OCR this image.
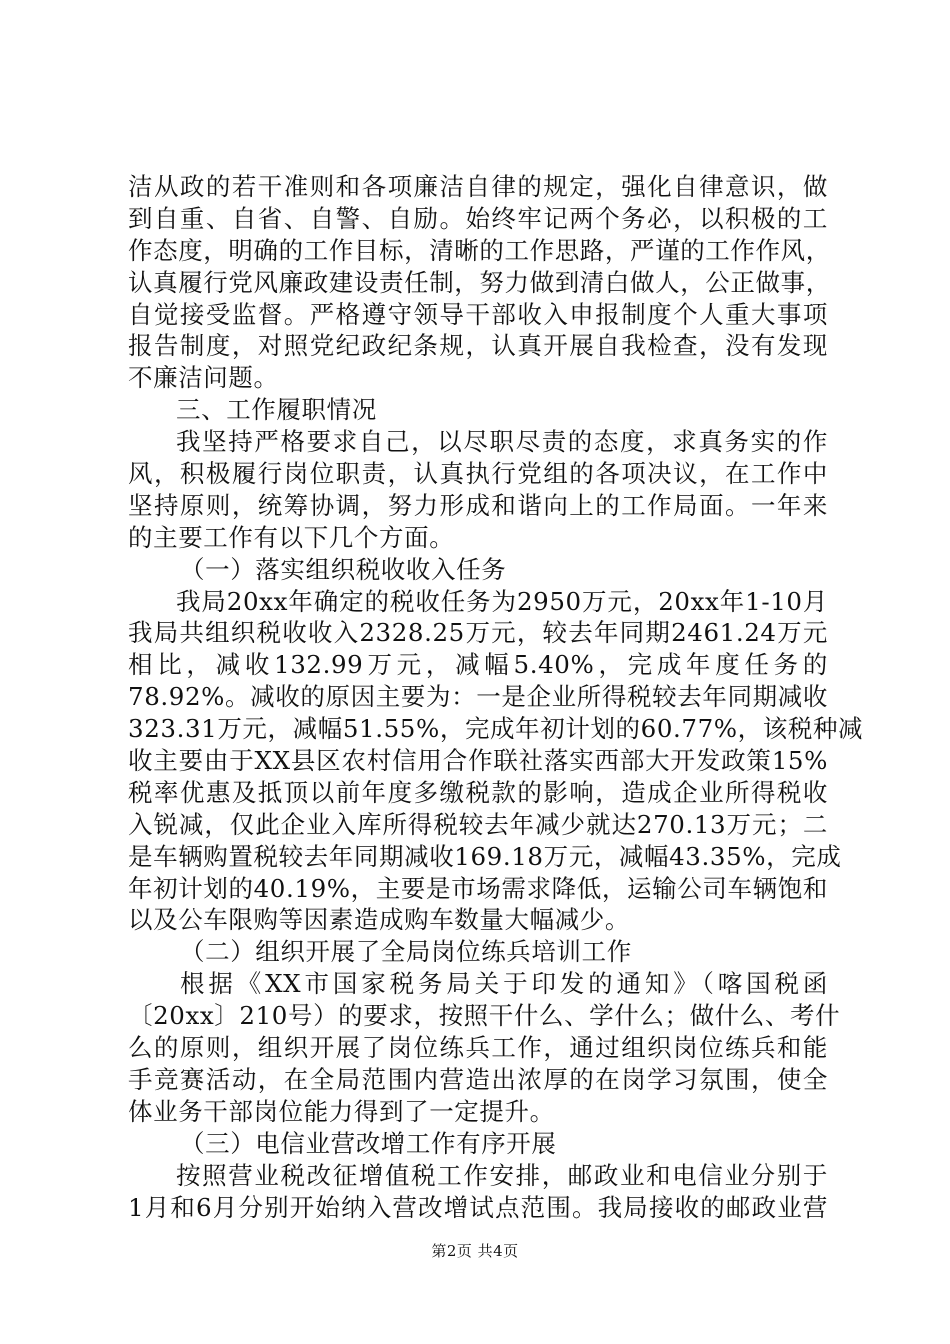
洁从政的若干准则和各项廉洁自律的规定，强化自律意识，做
到自重、自省、自警、自励。始终牢记两个务必，以积极的工
作态度，明确的工作目标，清晰的工作思路，严谨的工作作风，
认真履行党风廉政建设责任制，努力做到清白做人，公正做事，
自觉接受监督。严格遵守领导干部收入申报制度个人重大事项
报告制度，对照党纪政纪条规，认真开展自我检查，没有发现
不廉洁问题。
三、工作履职情况
我坚持严格要求自己，以尽职尽责的态度，求真务实的作
风，积极履行岗位职责，认真执行党组的各项决议，在工作中
坚持原则，统筹协调，努力形成和谐向上的工作局面。一年来
的主要工作有以下几个方面。
（一）落实组织税收收入任务
我局20xx年确定的税收任务为2950万元，20xx年1-10月
我局共组织税收收入2328.25万元，较去年同期2461.24万元
相比，减收132.99万元，减幅5.40%，完成年度任务的
78.92%。减收的原因主要为：一是企业所得税较去年同期减收
323.31万元，减幅51.55%，完成年初计划的60.77%，该税种减
收主要由于XX县区农村信用合作联社落实西部大开发政策15%
税率优惠及抵顶以前年度多缴税款的影响，造成企业所得税收
入锐减，仅此企业入库所得税较去年减少就达270.13万元；二
是车辆购置税较去年同期减收169.18万元，减幅43.35%，完成
年初计划的40.19%，主要是市场需求降低，运输公司车辆饱和
以及公车限购等因素造成购车数量大幅减少。
（二）组织开展了全局岗位练兵培训工作
根据《XX市国家税务局关于印发的通知》（喀国税函
〔20xx〕210号）的要求，按照干什么、学什么；做什么、考什
么的原则，组织开展了岗位练兵工作，通过组织岗位练兵和能
手竞赛活动，在全局范围内营造出浓厚的在岗学习氛围，使全
体业务干部岗位能力得到了一定提升。
（三）电信业营改增工作有序开展
按照营业税改征增值税工作安排，邮政业和电信业分别于
1月和6月分别开始纳入营改增试点范围。我局接收的邮政业营
第2页 共4页
